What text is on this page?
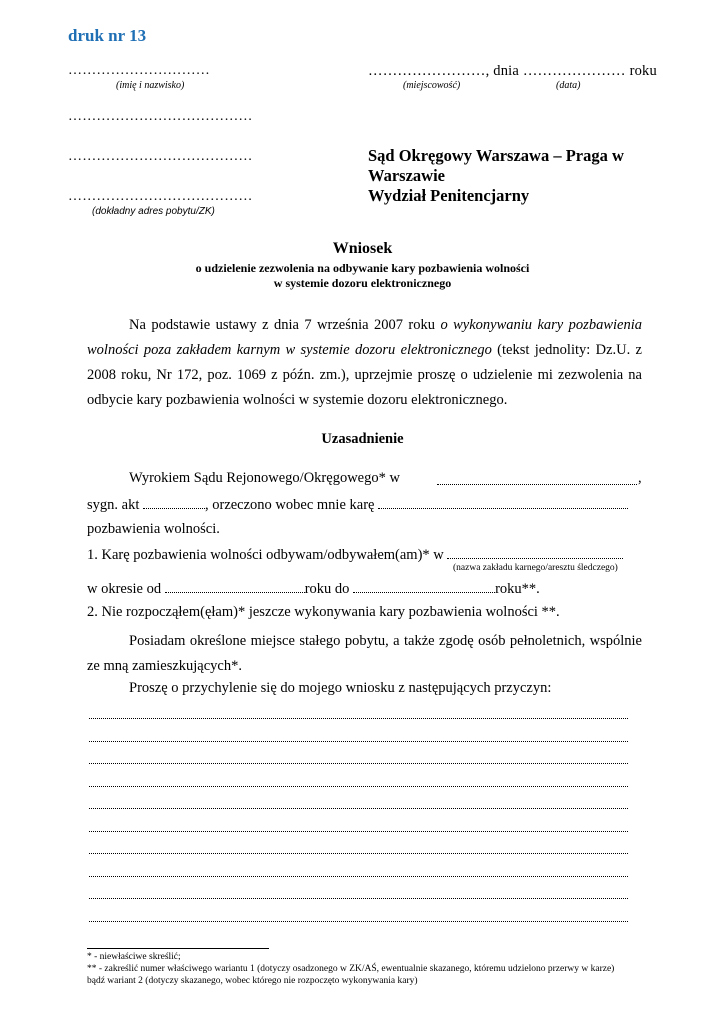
druk nr 13
…………………………
(imię i nazwisko)
……………………, dnia ………………… roku
(miejscowość)	(data)
…………………………………
…………………………………
…………………………………
(dokładny adres pobytu/ZK)
Sąd Okręgowy Warszawa – Praga w Warszawie
Wydział Penitencjarny
Wniosek
o udzielenie zezwolenia na odbywanie kary pozbawienia wolności
w systemie dozoru elektronicznego
Na podstawie ustawy z dnia 7 września 2007 roku o wykonywaniu kary pozbawienia wolności poza zakładem karnym w systemie dozoru elektronicznego (tekst jednolity: Dz.U. z 2008 roku, Nr 172, poz. 1069 z późn. zm.), uprzejmie proszę o udzielenie mi zezwolenia na odbycie kary pozbawienia wolności w systemie dozoru elektronicznego.
Uzasadnienie
Wyrokiem Sądu Rejonowego/Okręgowego* w	,
sygn. akt	, orzeczono wobec mnie karę
pozbawienia wolności.
1. Karę pozbawienia wolności odbywam/odbywałem(am)* w
(nazwa zakładu karnego/aresztu śledczego)
w okresie od	roku do	roku**.
2. Nie rozpocząłem(ęłam)* jeszcze wykonywania kary pozbawienia wolności **.
Posiadam określone miejsce stałego pobytu, a także zgodę osób pełnoletnich, wspólnie ze mną zamieszkujących*.
Proszę o przychylenie się do mojego wniosku z następujących przyczyn:
* - niewłaściwe skreślić;
** - zakreślić numer właściwego wariantu 1 (dotyczy osadzonego w ZK/AŚ, ewentualnie skazanego, któremu udzielono przerwy w karze)
bądź wariant 2 (dotyczy skazanego, wobec którego nie rozpoczęto wykonywania kary)
